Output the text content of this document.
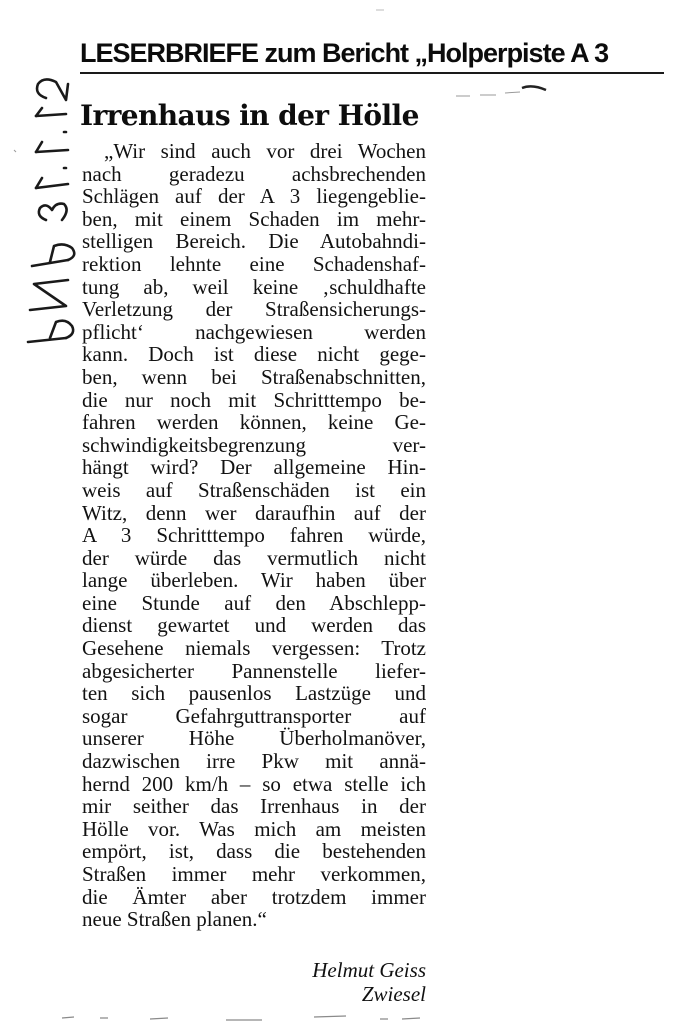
LESERBRIEFE zum Bericht „Holperpiste A 3
Irrenhaus in der Hölle
„Wir sind auch vor drei Wochen
nach geradezu achsbrechenden
Schlägen auf der A 3 liegengeblie-
ben, mit einem Schaden im mehr-
stelligen Bereich. Die Autobahndi-
rektion lehnte eine Schadenshaf-
tung ab, weil keine ‚schuldhafte
Verletzung der Straßensicherungs-
pflicht‘ nachgewiesen werden
kann. Doch ist diese nicht gege-
ben, wenn bei Straßenabschnitten,
die nur noch mit Schritttempo be-
fahren werden können, keine Ge-
schwindigkeitsbegrenzung ver-
hängt wird? Der allgemeine Hin-
weis auf Straßenschäden ist ein
Witz, denn wer daraufhin auf der
A 3 Schritttempo fahren würde,
der würde das vermutlich nicht
lange überleben. Wir haben über
eine Stunde auf den Abschlepp-
dienst gewartet und werden das
Gesehene niemals vergessen: Trotz
abgesicherter Pannenstelle liefer-
ten sich pausenlos Lastzüge und
sogar Gefahrguttransporter auf
unserer Höhe Überholmanöver,
dazwischen irre Pkw mit annä-
hernd 200 km/h – so etwa stelle ich
mir seither das Irrenhaus in der
Hölle vor. Was mich am meisten
empört, ist, dass die bestehenden
Straßen immer mehr verkommen,
die Ämter aber trotzdem immer
neue Straßen planen.“
Helmut Geiss
Zwiesel
